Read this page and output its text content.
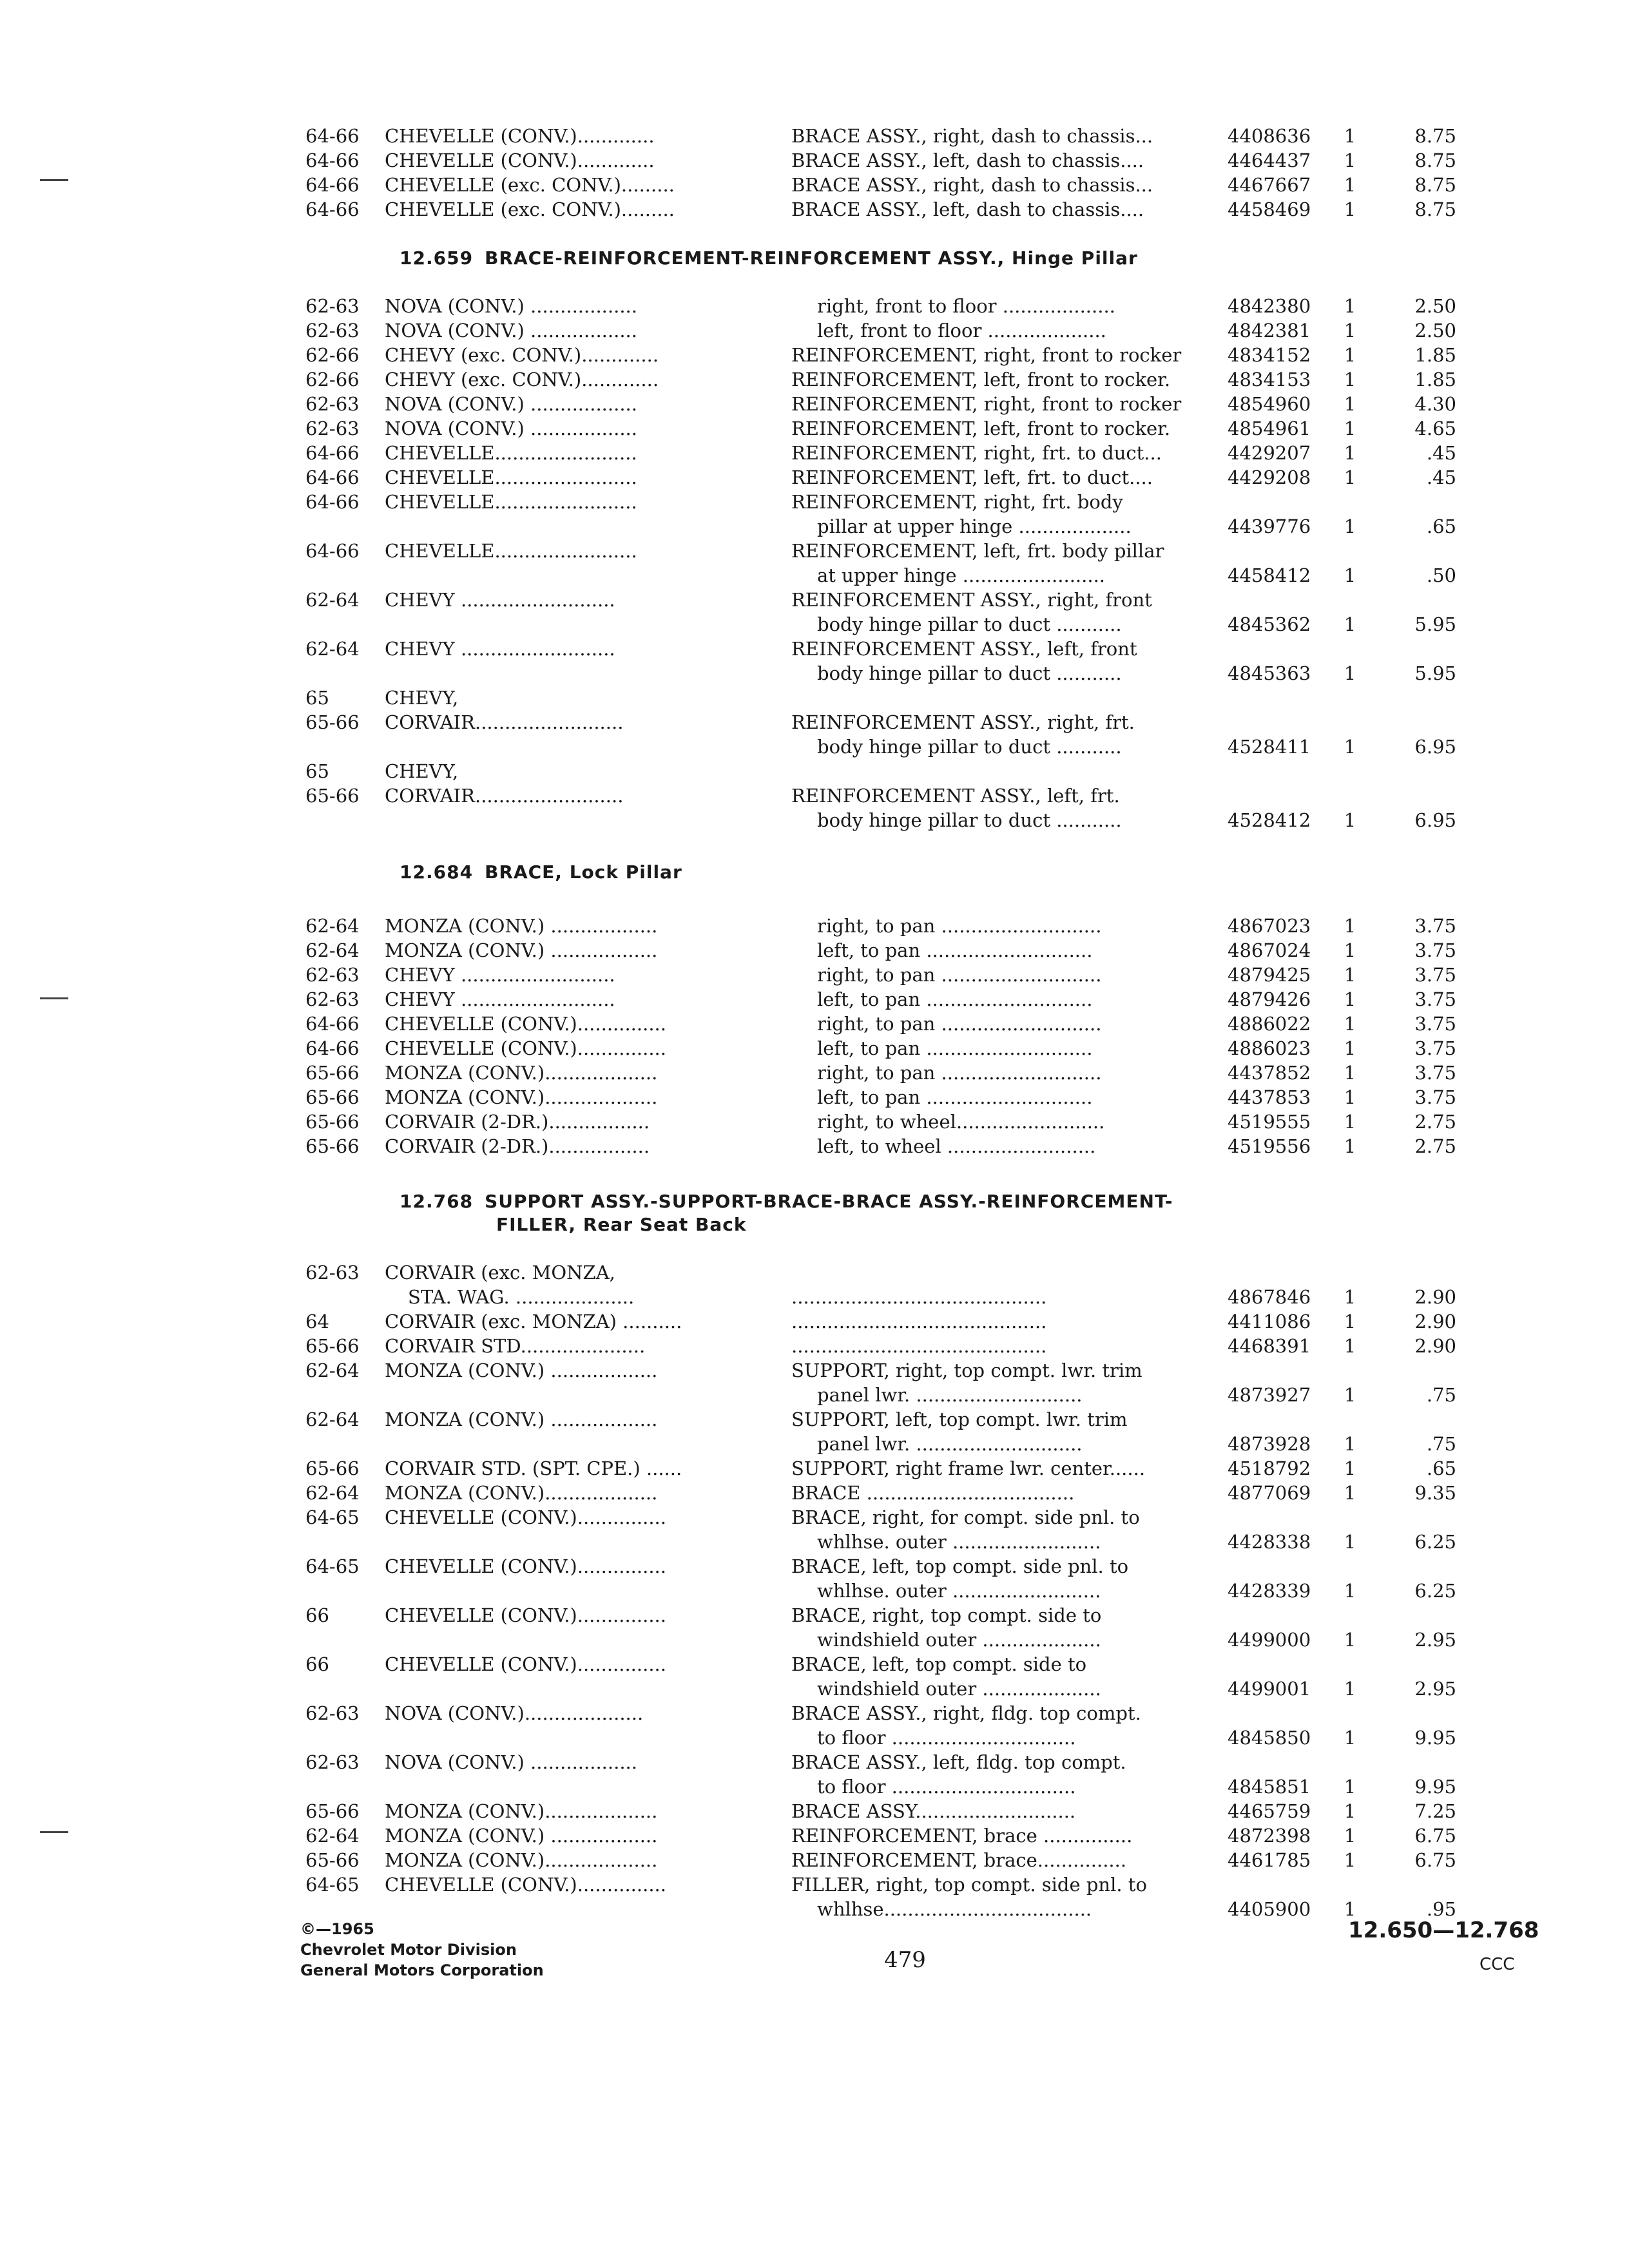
64-66	CHEVELLE (CONV.).............	BRACE ASSY., right, dash to chassis...	4408636	1	8.75
64-66	CHEVELLE (CONV.).............	BRACE ASSY., left, dash to chassis....	4464437	1	8.75
64-66	CHEVELLE (exc. CONV.).........	BRACE ASSY., right, dash to chassis...	4467667	1	8.75
64-66	CHEVELLE (exc. CONV.).........	BRACE ASSY., left, dash to chassis....	4458469	1	8.75
12.659 BRACE-REINFORCEMENT-REINFORCEMENT ASSY., Hinge Pillar
62-63	NOVA (CONV.) ..................	right, front to floor ...................	4842380	1	2.50
62-63	NOVA (CONV.) ..................	left, front to floor ....................	4842381	1	2.50
62-66	CHEVY (exc. CONV.).............	REINFORCEMENT, right, front to rocker	4834152	1	1.85
62-66	CHEVY (exc. CONV.).............	REINFORCEMENT, left, front to rocker.	4834153	1	1.85
62-63	NOVA (CONV.) ..................	REINFORCEMENT, right, front to rocker	4854960	1	4.30
62-63	NOVA (CONV.) ..................	REINFORCEMENT, left, front to rocker.	4854961	1	4.65
64-66	CHEVELLE........................	REINFORCEMENT, right, frt. to duct...	4429207	1	.45
64-66	CHEVELLE........................	REINFORCEMENT, left, frt. to duct....	4429208	1	.45
64-66	CHEVELLE........................	REINFORCEMENT, right, frt. body
pillar at upper hinge ...................	4439776	1	.65
64-66	CHEVELLE........................	REINFORCEMENT, left, frt. body pillar
at upper hinge ........................	4458412	1	.50
62-64	CHEVY ..........................	REINFORCEMENT ASSY., right, front
body hinge pillar to duct ...........	4845362	1	5.95
62-64	CHEVY ..........................	REINFORCEMENT ASSY., left, front
body hinge pillar to duct ...........	4845363	1	5.95
65	CHEVY,
65-66	CORVAIR.........................	REINFORCEMENT ASSY., right, frt.
body hinge pillar to duct ...........	4528411	1	6.95
65	CHEVY,
65-66	CORVAIR.........................	REINFORCEMENT ASSY., left, frt.
body hinge pillar to duct ...........	4528412	1	6.95
12.684 BRACE, Lock Pillar
62-64	MONZA (CONV.) ..................	right, to pan ...........................	4867023	1	3.75
62-64	MONZA (CONV.) ..................	left, to pan ............................	4867024	1	3.75
62-63	CHEVY ..........................	right, to pan ...........................	4879425	1	3.75
62-63	CHEVY ..........................	left, to pan ............................	4879426	1	3.75
64-66	CHEVELLE (CONV.)...............	right, to pan ...........................	4886022	1	3.75
64-66	CHEVELLE (CONV.)...............	left, to pan ............................	4886023	1	3.75
65-66	MONZA (CONV.)...................	right, to pan ...........................	4437852	1	3.75
65-66	MONZA (CONV.)...................	left, to pan ............................	4437853	1	3.75
65-66	CORVAIR (2-DR.).................	right, to wheel.........................	4519555	1	2.75
65-66	CORVAIR (2-DR.).................	left, to wheel .........................	4519556	1	2.75
12.768 SUPPORT ASSY.-SUPPORT-BRACE-BRACE ASSY.-REINFORCEMENT-
FILLER, Rear Seat Back
62-63	CORVAIR (exc. MONZA,
STA. WAG. ....................	...........................................	4867846	1	2.90
64	CORVAIR (exc. MONZA) ..........	...........................................	4411086	1	2.90
65-66	CORVAIR STD.....................	...........................................	4468391	1	2.90
62-64	MONZA (CONV.) ..................	SUPPORT, right, top compt. lwr. trim
panel lwr. ............................	4873927	1	.75
62-64	MONZA (CONV.) ..................	SUPPORT, left, top compt. lwr. trim
panel lwr. ............................	4873928	1	.75
65-66	CORVAIR STD. (SPT. CPE.) ......	SUPPORT, right frame lwr. center......	4518792	1	.65
62-64	MONZA (CONV.)...................	BRACE ...................................	4877069	1	9.35
64-65	CHEVELLE (CONV.)...............	BRACE, right, for compt. side pnl. to
whlhse. outer .........................	4428338	1	6.25
64-65	CHEVELLE (CONV.)...............	BRACE, left, top compt. side pnl. to
whlhse. outer .........................	4428339	1	6.25
66	CHEVELLE (CONV.)...............	BRACE, right, top compt. side to
windshield outer ....................	4499000	1	2.95
66	CHEVELLE (CONV.)...............	BRACE, left, top compt. side to
windshield outer ....................	4499001	1	2.95
62-63	NOVA (CONV.)....................	BRACE ASSY., right, fldg. top compt.
to floor ...............................	4845850	1	9.95
62-63	NOVA (CONV.) ..................	BRACE ASSY., left, fldg. top compt.
to floor ...............................	4845851	1	9.95
65-66	MONZA (CONV.)...................	BRACE ASSY...........................	4465759	1	7.25
62-64	MONZA (CONV.) ..................	REINFORCEMENT, brace ...............	4872398	1	6.75
65-66	MONZA (CONV.)...................	REINFORCEMENT, brace...............	4461785	1	6.75
64-65	CHEVELLE (CONV.)...............	FILLER, right, top compt. side pnl. to
whlhse...................................	4405900	1	.95
©—1965
Chevrolet Motor Division
General Motors Corporation	479
12.650—12.768
CCC
